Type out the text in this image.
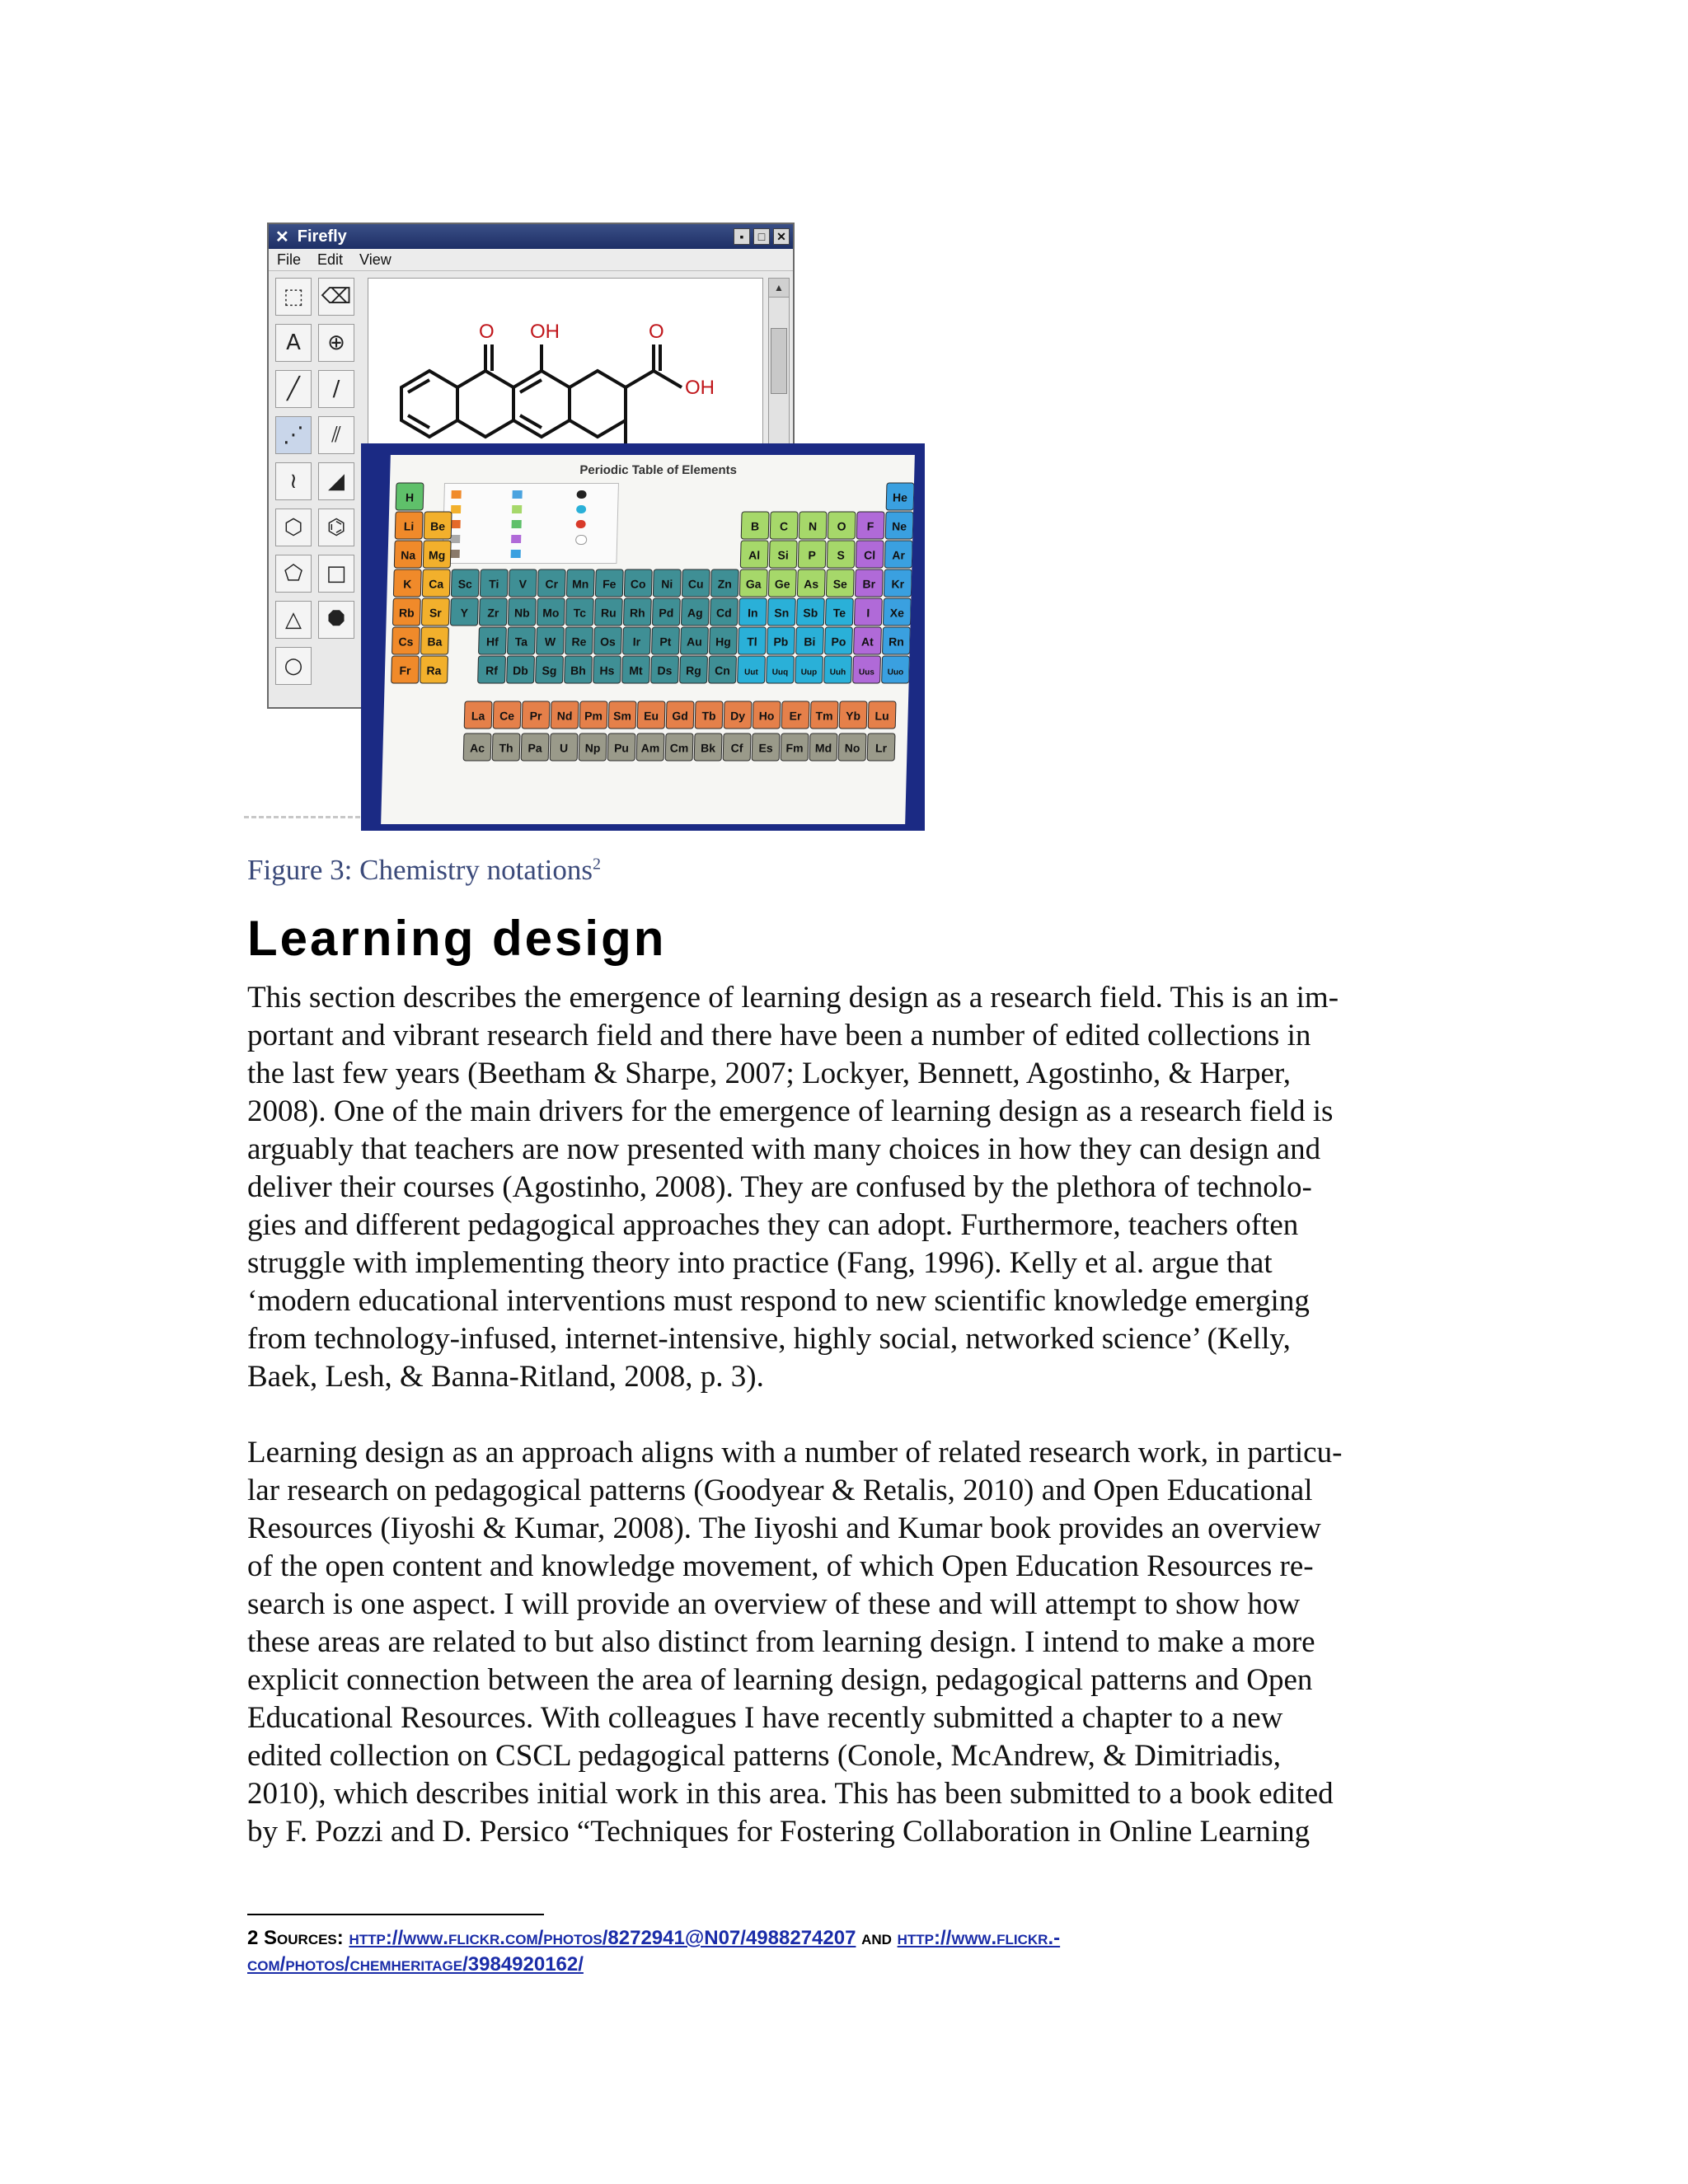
✕ Firefly	▪	□ ✕
File Edit View
⬚ ⌫
A	⊕
╱	∕
⋰	⫽
≀	◢
⬡	⌬
⬠	□
△	⯃
○
O OH	O
OH
▲
Periodic Table of Elements
H	He
Li Be	B C N O F Ne
Na Mg	Al Si P S Cl Ar
K Ca Sc Ti V Cr Mn Fe Co Ni Cu Zn Ga Ge As Se Br Kr
Rb Sr Y Zr Nb Mo Tc Ru Rh Pd Ag Cd In Sn Sb Te I Xe
Cs Ba	Hf Ta W Re Os Ir Pt Au Hg Tl Pb Bi Po At Rn
Fr Ra	Rf Db Sg Bh Hs Mt Ds Rg Cn Uut Uuq Uup Uuh Uus Uuo
La Ce Pr Nd Pm Sm Eu Gd Tb Dy Ho Er Tm Yb Lu
Ac Th Pa U Np Pu Am Cm Bk Cf Es Fm Md No Lr
Figure 3: Chemistry notations$^2$
Learning design

This section describes the emergence of learning design as a research field. This is an im-
portant and vibrant research field and there have been a number of edited collections in
the last few years (Beetham & Sharpe, 2007; Lockyer, Bennett, Agostinho, & Harper,
2008). One of the main drivers for the emergence of learning design as a research field is
arguably that teachers are now presented with many choices in how they can design and
deliver their courses (Agostinho, 2008). They are confused by the plethora of technolo-
gies and different pedagogical approaches they can adopt. Furthermore, teachers often
struggle with implementing theory into practice (Fang, 1996). Kelly et al. argue that
‘modern educational interventions must respond to new scientific knowledge emerging
from technology-infused, internet-intensive, highly social, networked science’ (Kelly,
Baek, Lesh, & Banna-Ritland, 2008, p. 3).

Learning design as an approach aligns with a number of related research work, in particu-
lar research on pedagogical patterns (Goodyear & Retalis, 2010) and Open Educational
Resources (Iiyoshi & Kumar, 2008). The Iiyoshi and Kumar book provides an overview
of the open content and knowledge movement, of which Open Education Resources re-
search is one aspect. I will provide an overview of these and will attempt to show how
these areas are related to but also distinct from learning design. I intend to make a more
explicit connection between the area of learning design, pedagogical patterns and Open
Educational Resources. With colleagues I have recently submitted a chapter to a new
edited collection on CSCL pedagogical patterns (Conole, McAndrew, & Dimitriadis,
2010), which describes initial work in this area. This has been submitted to a book edited
by F. Pozzi and D. Persico “Techniques for Fostering Collaboration in Online Learning

2 Sources: http://www.flickr.com/photos/8272941@N07/4988274207 and http://www.flickr.-
com/photos/chemheritage/3984920162/
